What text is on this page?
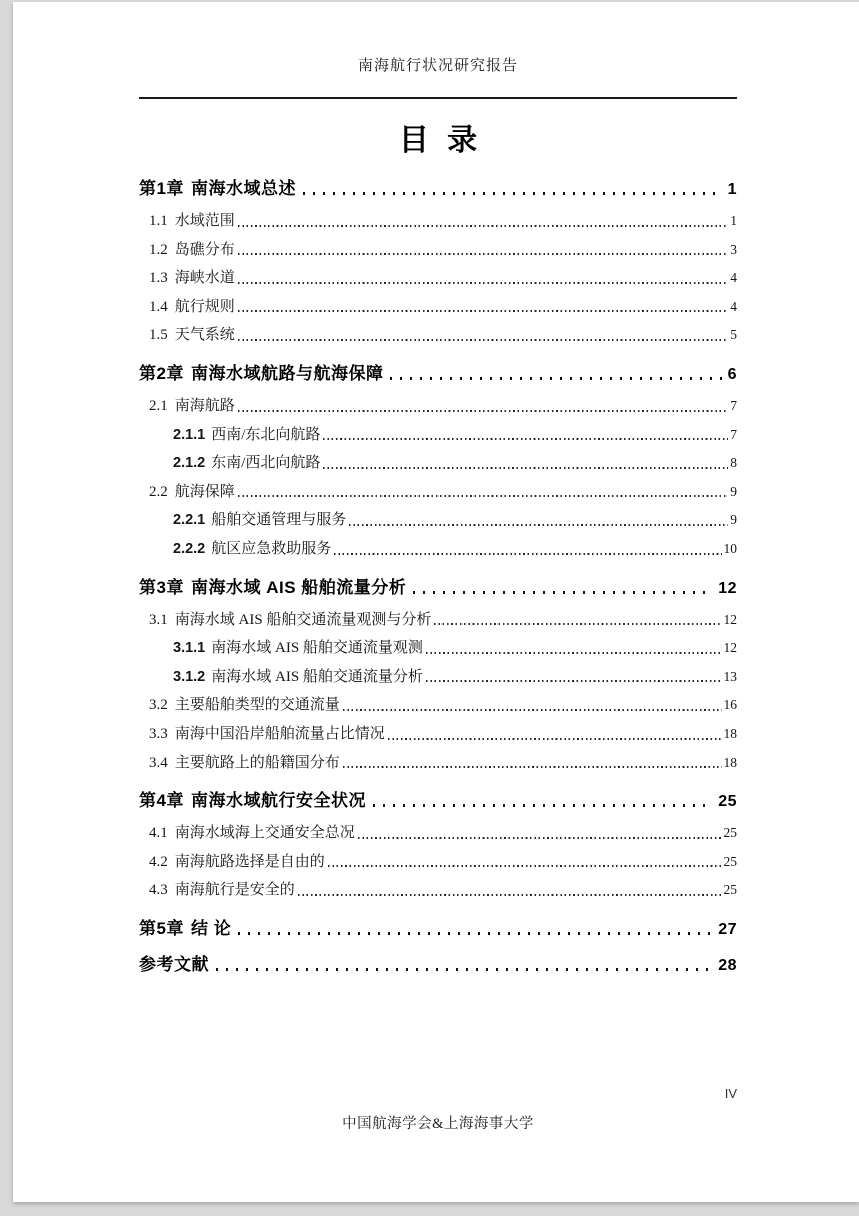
南海航行状况研究报告
目 录
第1章 南海水域总述	1
1.1 水域范围	1
1.2 岛礁分布	3
1.3 海峡水道	4
1.4 航行规则	4
1.5 天气系统	5
第2章 南海水域航路与航海保障	6
2.1 南海航路	7
2.1.1 西南/东北向航路	7
2.1.2 东南/西北向航路	8
2.2 航海保障	9
2.2.1 船舶交通管理与服务	9
2.2.2 航区应急救助服务	10
第3章 南海水域 AIS 船舶流量分析	12
3.1 南海水域 AIS 船舶交通流量观测与分析	12
3.1.1 南海水域 AIS 船舶交通流量观测	12
3.1.2 南海水域 AIS 船舶交通流量分析	13
3.2 主要船舶类型的交通流量	16
3.3 南海中国沿岸船舶流量占比情况	18
3.4 主要航路上的船籍国分布	18
第4章 南海水域航行安全状况	25
4.1 南海水域海上交通安全总况	25
4.2 南海航路选择是自由的	25
4.3 南海航行是安全的	25
第5章 结 论	27
参考文献	28
IV
中国航海学会&上海海事大学
